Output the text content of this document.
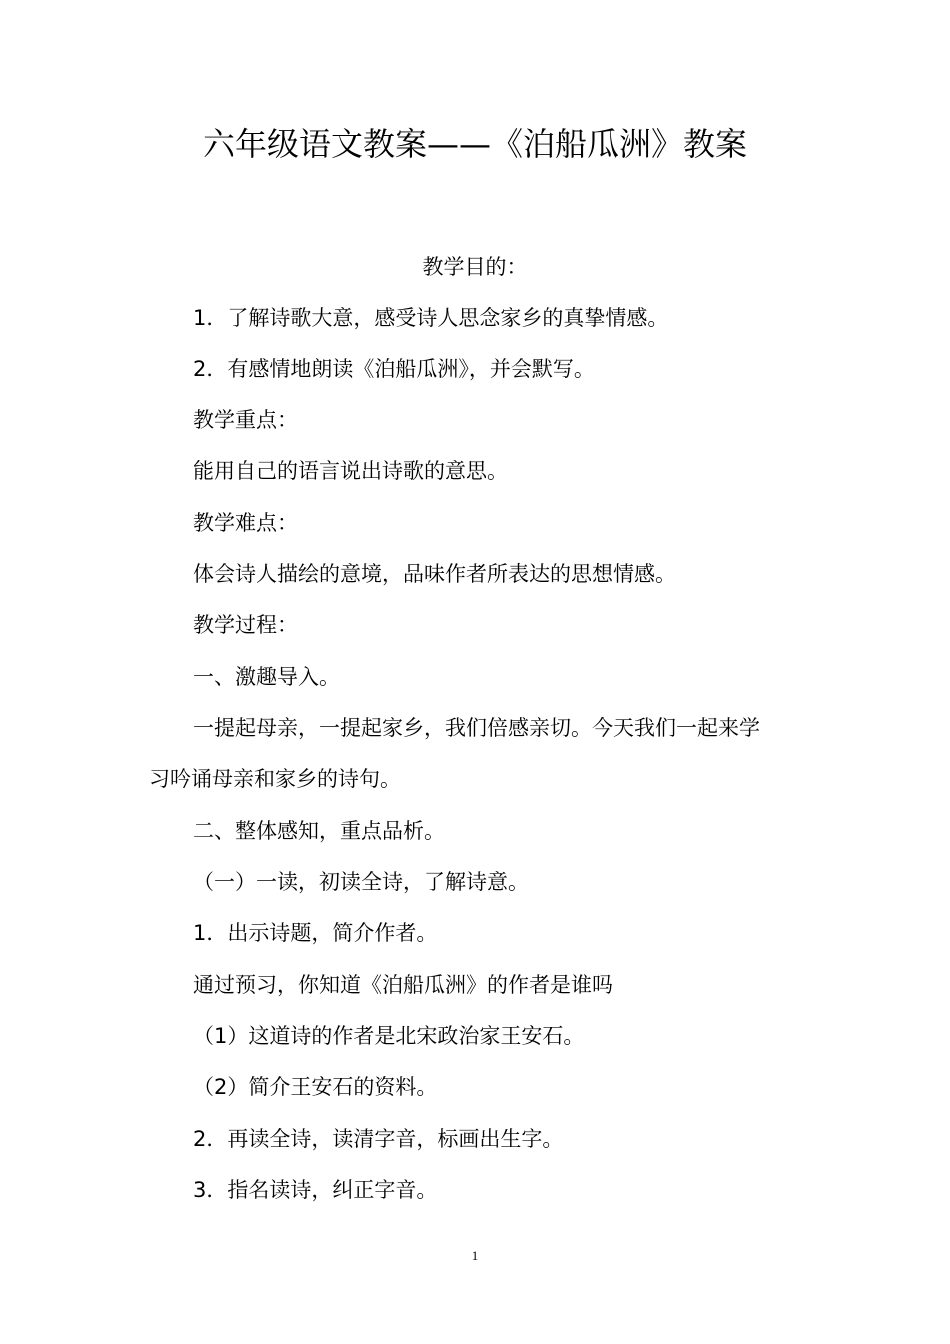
六年级语文教案——《泊船瓜洲》教案
教学目的：
1．了解诗歌大意，感受诗人思念家乡的真挚情感。
2．有感情地朗读《泊船瓜洲》，并会默写。
教学重点：
能用自己的语言说出诗歌的意思。
教学难点：
体会诗人描绘的意境，品味作者所表达的思想情感。
教学过程：
一、激趣导入。
一提起母亲，一提起家乡，我们倍感亲切。今天我们一起来学
习吟诵母亲和家乡的诗句。
二、整体感知，重点品析。
（一）一读，初读全诗，了解诗意。
1．出示诗题，简介作者。
通过预习，你知道《泊船瓜洲》的作者是谁吗
（1）这道诗的作者是北宋政治家王安石。
（2）简介王安石的资料。
2．再读全诗，读清字音，标画出生字。
3．指名读诗，纠正字音。
1
